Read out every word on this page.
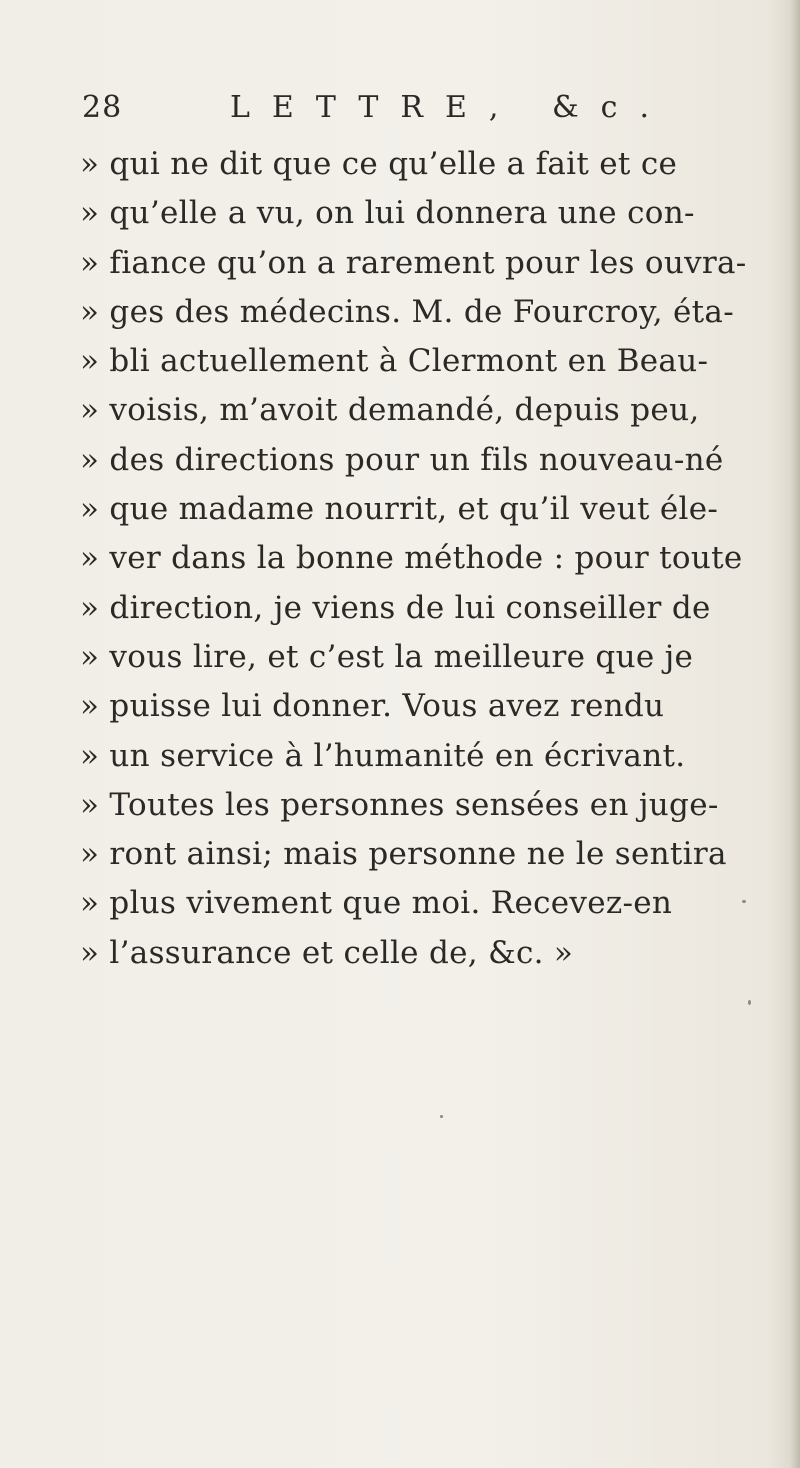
28	LETTRE, &c.
» qui ne dit que ce qu’elle a fait et ce
» qu’elle a vu, on lui donnera une con-
» fiance qu’on a rarement pour les ouvra-
» ges des médecins. M. de Fourcroy, éta-
» bli actuellement à Clermont en Beau-
» voisis, m’avoit demandé, depuis peu,
» des directions pour un fils nouveau-né
» que madame nourrit, et qu’il veut éle-
» ver dans la bonne méthode : pour toute
» direction, je viens de lui conseiller de
» vous lire, et c’est la meilleure que je
» puisse lui donner. Vous avez rendu
» un service à l’humanité en écrivant.
» Toutes les personnes sensées en juge-
» ront ainsi; mais personne ne le sentira
» plus vivement que moi. Recevez-en
» l’assurance et celle de, &c. »
